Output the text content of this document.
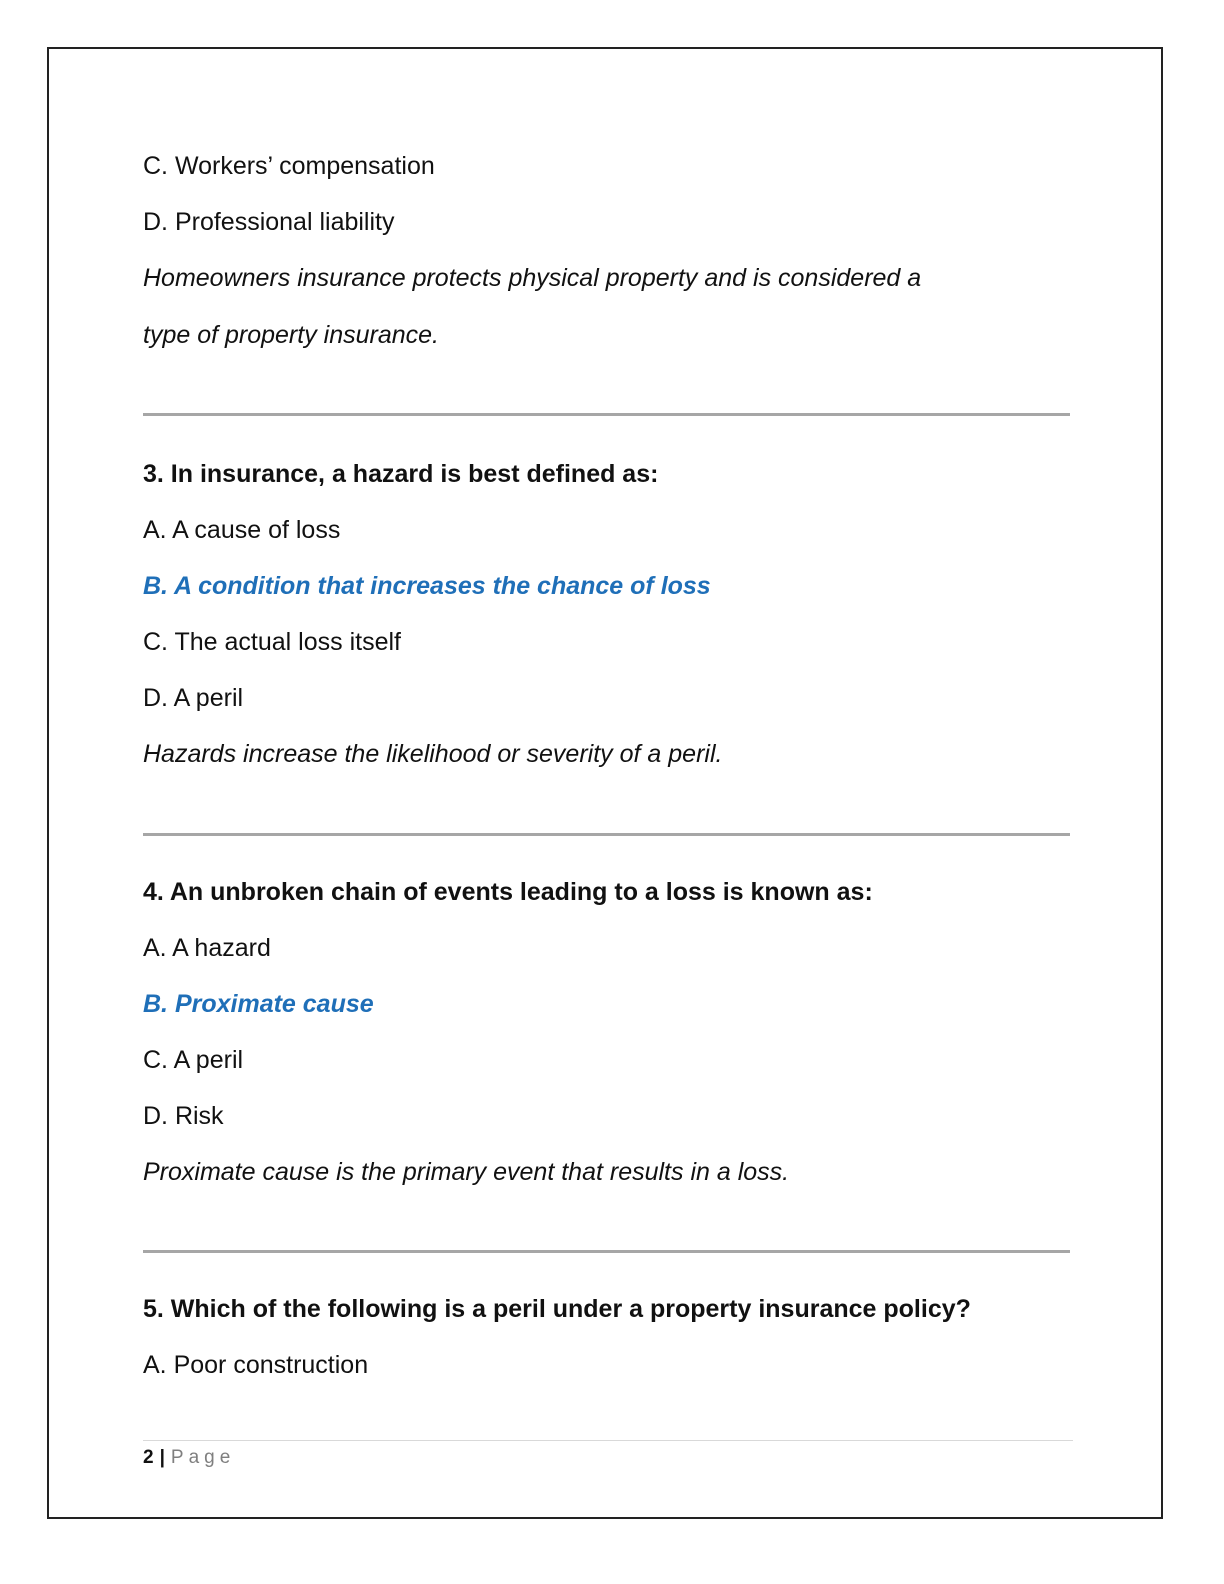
C. Workers’ compensation

D. Professional liability

Homeowners insurance protects physical property and is considered a

type of property insurance.

3. In insurance, a hazard is best defined as:

A. A cause of loss

B. A condition that increases the chance of loss

C. The actual loss itself

D. A peril

Hazards increase the likelihood or severity of a peril.

4. An unbroken chain of events leading to a loss is known as:

A. A hazard

B. Proximate cause

C. A peril

D. Risk

Proximate cause is the primary event that results in a loss.

5. Which of the following is a peril under a property insurance policy?

A. Poor construction

2 | Page
